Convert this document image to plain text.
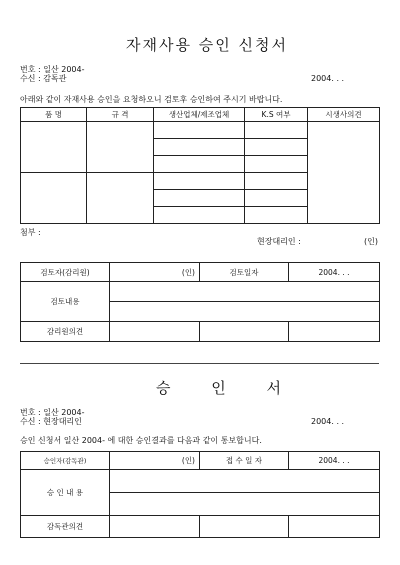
자재사용 승인 신청서
번호 : 일산 2004-
수신 : 감독관	2004. . .
아래와 같이 자재사용 승인을 요청하오니 검토후 승인하여 주시기 바랍니다.
품 명	규 격	생산업체/제조업체	K.S 여부	시생사의견

첨부 :
현장대리인 :	(인)
검토자(감리원)	(인)	검토일자	2004. . .
검토내용			

감리원의견			
승 인 서
번호 : 일산 2004-
수신 : 현장대리인	2004. . .
승인 신청서 일산 2004- 에 대한 승인결과를 다음과 같이 통보합니다.
승인자(감독관)	(인)	접 수 일 자	2004. . .
승 인 내 용			

감독관의견			
